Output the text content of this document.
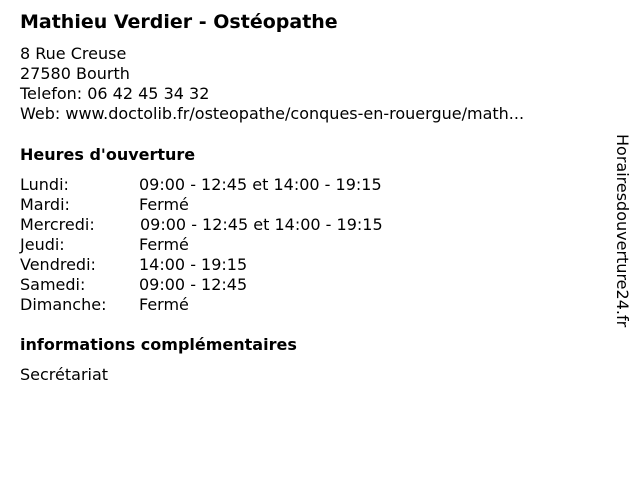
Mathieu Verdier - Ostéopathe
8 Rue Creuse
27580 Bourth
Telefon: 06 42 45 34 32
Web: www.doctolib.fr/osteopathe/conques-en-rouergue/math...
Heures d'ouverture
Lundi:	09:00 - 12:45 et 14:00 - 19:15
Mardi:	Fermé
Mercredi:	09:00 - 12:45 et 14:00 - 19:15
Jeudi:	Fermé
Vendredi:	14:00 - 19:15
Samedi:	09:00 - 12:45
Dimanche: Fermé
informations complémentaires
Secrétariat
Horairesdouverture24.fr
